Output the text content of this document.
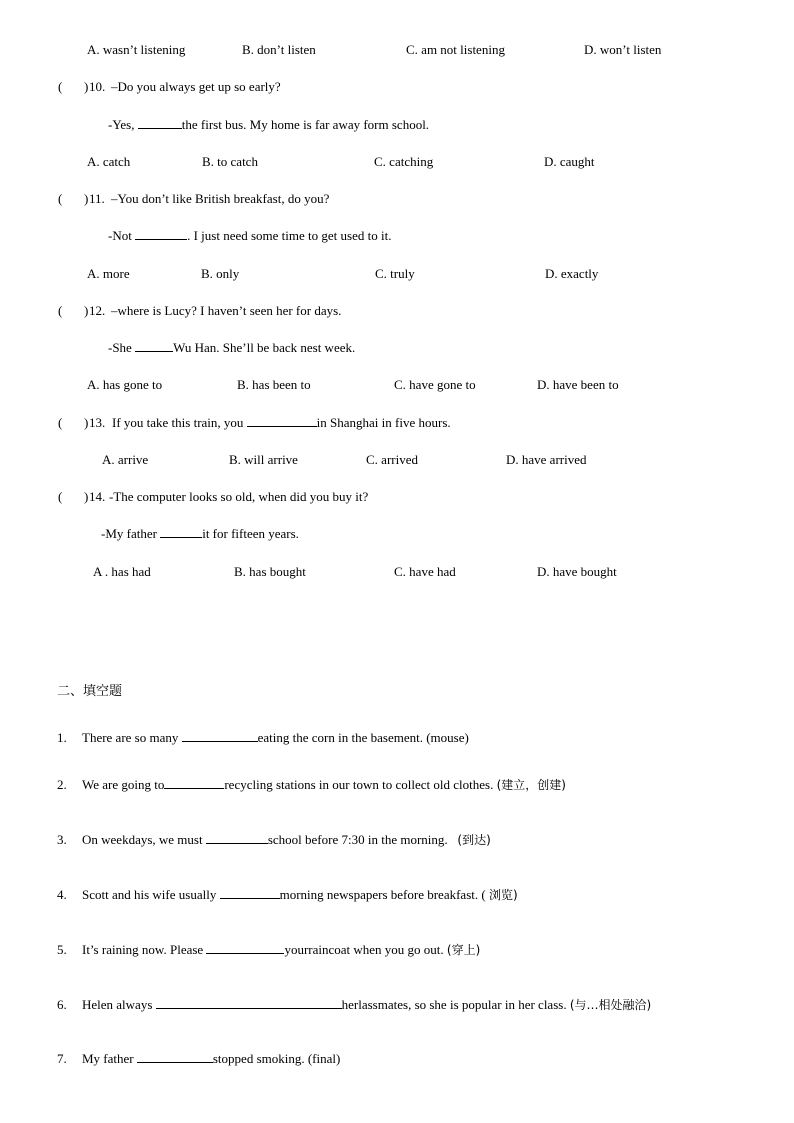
A. wasn’t listening	B. don’t listen	C. am not listening	D. won’t listen
( ) 10. –Do you always get up so early?
-Yes,	the first bus. My home is far away form school.
A. catch	B. to catch	C. catching	D. caught
( ) 11. –You don’t like British breakfast, do you?
-Not	. I just need some time to get used to it.
A. more	B. only	C. truly	D. exactly
( ) 12. –where is Lucy? I haven’t seen her for days.
-She	Wu Han. She’ll be back nest week.
A. has gone to	B. has been to	C. have gone to	D. have been to
( ) 13. If you take this train, you	in Shanghai in five hours.
A. arrive	B. will arrive	C. arrived	D. have arrived
( ) 14. -The computer looks so old, when did you buy it?
-My father	it for fifteen years.
A . has had	B. has bought	C. have had	D. have bought
二、填空题
1. There are so many	eating the corn in the basement. (mouse)
2. We are going to	recycling stations in our town to collect old clothes. (建立，创建)
3. On weekdays, we must	school before 7:30 in the morning. (到达)
4. Scott and his wife usually	morning newspapers before breakfast. ( 浏览)
5. It’s raining now. Please	yourraincoat when you go out. (穿上)
6. Helen always	herlassmates, so she is popular in her class. (与…相处融洽)
7. My father	stopped smoking. (final)
